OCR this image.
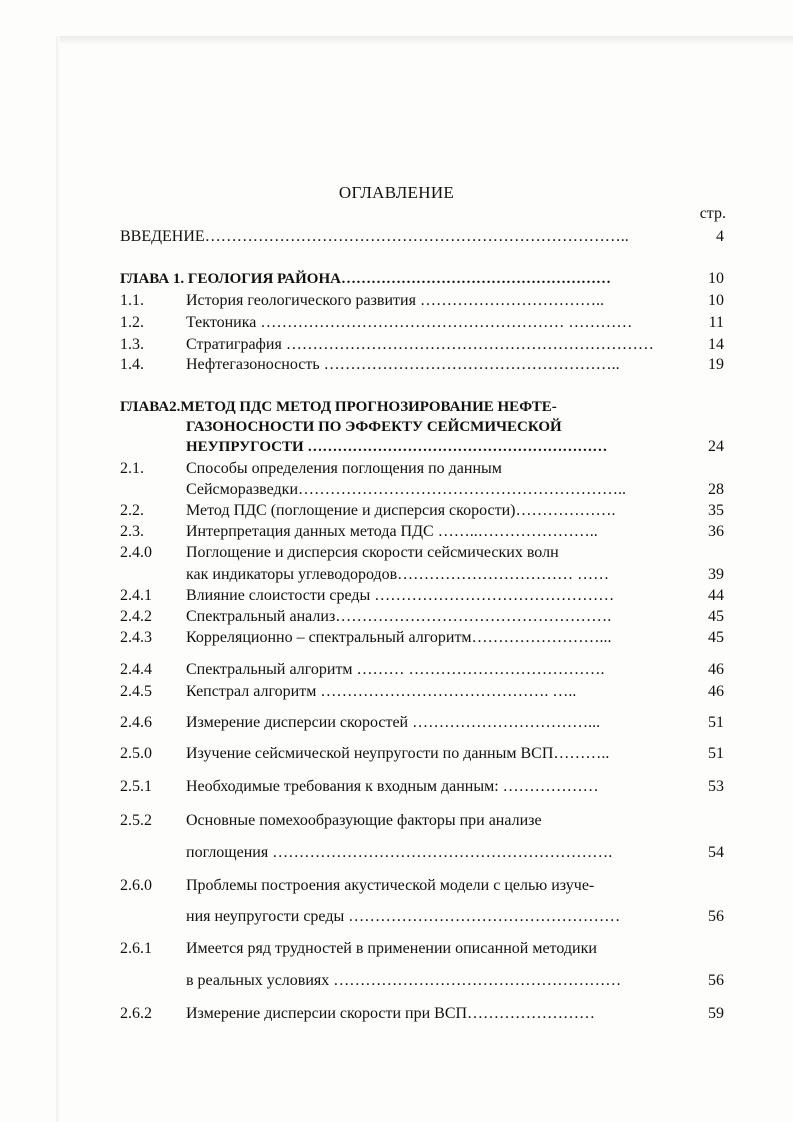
ОГЛАВЛЕНИЕ
стр.
ВВЕДЕНИЕ……………………………………………………………………..	4
ГЛАВА 1. ГЕОЛОГИЯ РАЙОНА………………………………………………	10
1.1.	История геологического развития ……………………………..	10
1.2.	Тектоника ………………………………………………… …………	11
1.3.	Стратиграфия ……………………………………………………………	14
1.4.	Нефтегазоносность ………………………………………………..	19
ГЛАВА2.МЕТОД ПДС МЕТОД ПРОГНОЗИРОВАНИЕ НЕФТЕ-
ГАЗОНОСНОСТИ ПО ЭФФЕКТУ СЕЙСМИЧЕСКОЙ
НЕУПРУГОСТИ ……………………………………………………	24
2.1.	Способы определения поглощения по данным
Сейсморазведки……………………………………………………..	28
2.2.	Метод ПДС (поглощение и дисперсия скорости)……………….	35
2.3.	Интерпретация данных метода ПДС ……..…………………..	36
2.4.0	Поглощение и дисперсия скорости сейсмических волн
как индикаторы углеводородов…………………………… ……	39
2.4.1	Влияние слоистости среды ………………………………………	44
2.4.2	Спектральный анализ…………………………………………….	45
2.4.3	Корреляционно – спектральный алгоритм……………………...	45
2.4.4	Спектральный алгоритм ……… ……………………………….	46
2.4.5	Кепстрал алгоритм ……………………………………. …..	46
2.4.6	Измерение дисперсии скоростей ……………………………...	51
2.5.0	Изучение сейсмической неупругости по данным ВСП………..	51
2.5.1	Необходимые требования к входным данным: ………………	53
2.5.2	Основные помехообразующие факторы при анализе
поглощения ……………………………………………………….	54
2.6.0	Проблемы построения акустической модели с целью изуче-
ния неупругости среды ……………………………………………	56
2.6.1	Имеется ряд трудностей в применении описанной методики
в реальных условиях ………………………………………………	56
2.6.2	Измерение дисперсии скорости при ВСП……………………	59
